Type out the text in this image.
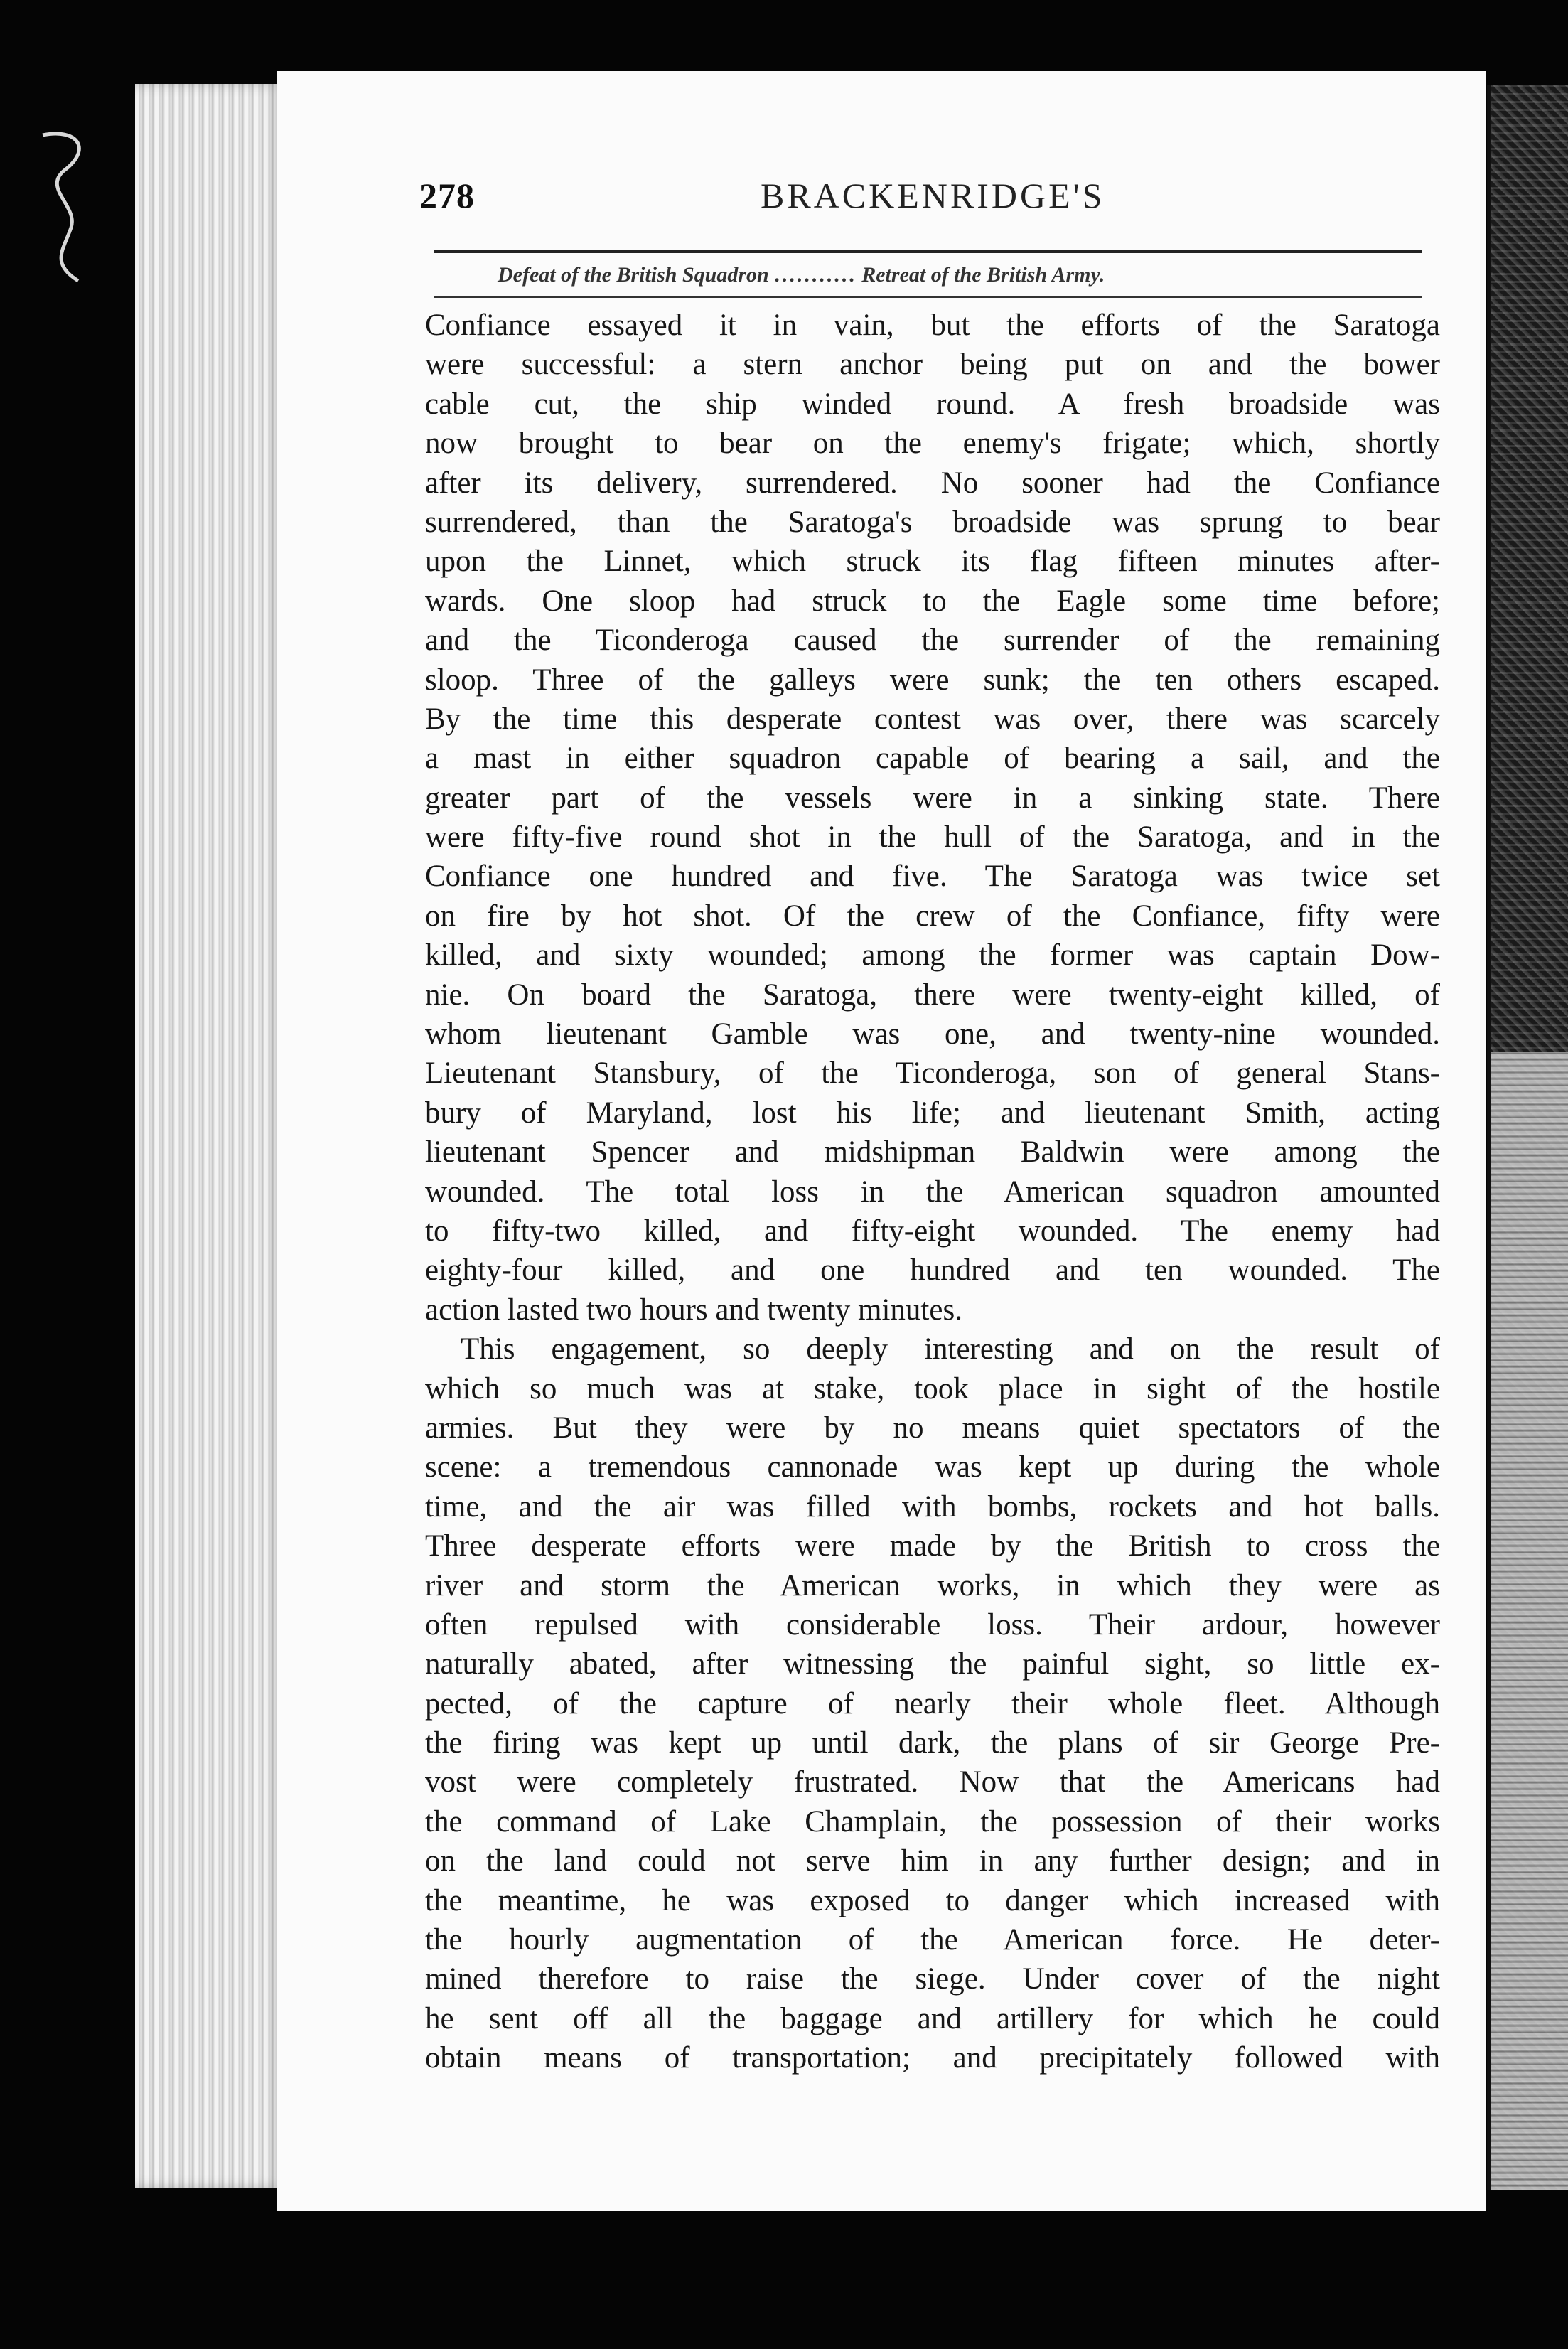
278	BRACKENRIDGE'S
Defeat of the British Squadron ........... Retreat of the British Army.
Confiance essayed it in vain, but the efforts of the Saratoga
were successful: a stern anchor being put on and the bower
cable cut, the ship winded round. A fresh broadside was
now brought to bear on the enemy's frigate; which, shortly
after its delivery, surrendered. No sooner had the Confiance
surrendered, than the Saratoga's broadside was sprung to bear
upon the Linnet, which struck its flag fifteen minutes after-
wards. One sloop had struck to the Eagle some time before;
and the Ticonderoga caused the surrender of the remaining
sloop. Three of the galleys were sunk; the ten others escaped.
By the time this desperate contest was over, there was scarcely
a mast in either squadron capable of bearing a sail, and the
greater part of the vessels were in a sinking state. There
were fifty-five round shot in the hull of the Saratoga, and in the
Confiance one hundred and five. The Saratoga was twice set
on fire by hot shot. Of the crew of the Confiance, fifty were
killed, and sixty wounded; among the former was captain Dow-
nie. On board the Saratoga, there were twenty-eight killed, of
whom lieutenant Gamble was one, and twenty-nine wounded.
Lieutenant Stansbury, of the Ticonderoga, son of general Stans-
bury of Maryland, lost his life; and lieutenant Smith, acting
lieutenant Spencer and midshipman Baldwin were among the
wounded. The total loss in the American squadron amounted
to fifty-two killed, and fifty-eight wounded. The enemy had
eighty-four killed, and one hundred and ten wounded. The
action lasted two hours and twenty minutes.
This engagement, so deeply interesting and on the result of
which so much was at stake, took place in sight of the hostile
armies. But they were by no means quiet spectators of the
scene: a tremendous cannonade was kept up during the whole
time, and the air was filled with bombs, rockets and hot balls.
Three desperate efforts were made by the British to cross the
river and storm the American works, in which they were as
often repulsed with considerable loss. Their ardour, however
naturally abated, after witnessing the painful sight, so little ex-
pected, of the capture of nearly their whole fleet. Although
the firing was kept up until dark, the plans of sir George Pre-
vost were completely frustrated. Now that the Americans had
the command of Lake Champlain, the possession of their works
on the land could not serve him in any further design; and in
the meantime, he was exposed to danger which increased with
the hourly augmentation of the American force. He deter-
mined therefore to raise the siege. Under cover of the night
he sent off all the baggage and artillery for which he could
obtain means of transportation; and precipitately followed with
